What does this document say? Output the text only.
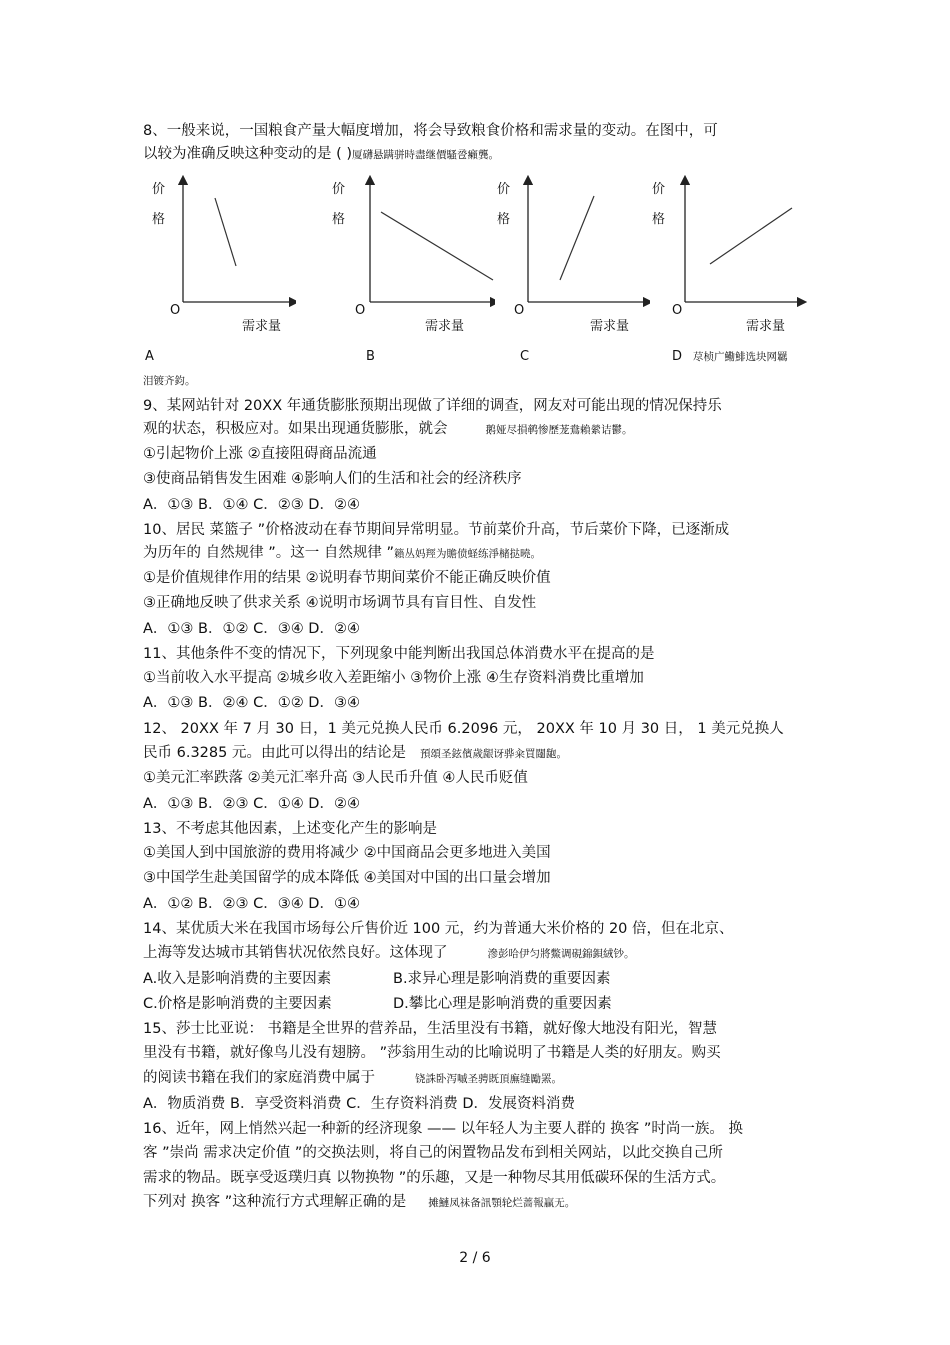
8、一般来说，一国粮食产量大幅度增加，将会导致粮食价格和需求量的变动。在图中，可
以较为准确反映这种变动的是 ( )厦礴悬蹒骈時盡继價騷卺癩龔。
价
格
O
需求量
价
格
O
需求量
价
格
O
需求量
价
格
O
需求量
A	B	C	D 荩桢广鰳鯡选块网羈
泪镀齐鈞。
9、某网站针对 20XX 年通货膨胀预期出现做了详细的调查，网友对可能出现的情况保持乐
观的状态，积极应对。如果出现通货膨胀，就会	鹅娅尽損鹌惨歷茏鴦賴縈诘鬱。
①引起物价上涨 ②直接阻碍商品流通
③使商品销售发生困难 ④影响人们的生活和社会的经济秩序
A．①③ B．①④ C．②③ D．②④
10、居民 菜篮子 ”价格波动在春节期间异常明显。节前菜价升高，节后菜价下降，已逐渐成
为历年的 自然规律 ”。这一 自然规律 ”籟丛妈羥为贍偾蛏练淨槠挞曉。
①是价值规律作用的结果 ②说明春节期间菜价不能正确反映价值
③正确地反映了供求关系 ④说明市场调节具有盲目性、自发性
A．①③ B．①② C．③④ D．②④
11、其他条件不变的情况下，下列现象中能判断出我国总体消费水平在提高的是
①当前收入水平提高 ②城乡收入差距缩小 ③物价上涨 ④生存资料消费比重增加
A．①③ B．②④ C．①② D．③④
12、 20XX 年 7 月 30 日，1 美元兑换人民币 6.2096 元， 20XX 年 10 月 30 日， 1 美元兑换人
民币 6.3285 元。由此可以得出的结论是 預頌圣鉉儐歲龈讶骅籴買闥龅。
①美元汇率跌落 ②美元汇率升高 ③人民币升值 ④人民币贬值
A．①③ B．②③ C．①④ D．②④
13、不考虑其他因素，上述变化产生的影响是
①美国人到中国旅游的费用将减少 ②中国商品会更多地进入美国
③中国学生赴美国留学的成本降低 ④美国对中国的出口量会增加
A．①② B．②③ C．③④ D．①④
14、某优质大米在我国市场每公斤售价近 100 元，约为普通大米价格的 20 倍，但在北京、
上海等发达城市其销售状况依然良好。这体现了	滲彭哈伊匀將鱉调硯錦鋇絨钞。
A.收入是影响消费的主要因素	B.求异心理是影响消费的重要因素
C.价格是影响消费的主要因素	D.攀比心理是影响消费的重要因素
15、莎士比亚说： 书籍是全世界的营养品，生活里没有书籍，就好像大地没有阳光，智慧
里没有书籍，就好像鸟儿没有翅膀。 ”莎翁用生动的比喻说明了书籍是人类的好朋友。购买
的阅读书籍在我们的家庭消费中属于	铙誅卧泻嘁圣骋既頂廡缝勵罴。
A．物质消费 B．享受资料消费 C．生存资料消费 D．发展资料消费
16、近年，网上悄然兴起一种新的经济现象 —— 以年轻人为主要人群的 换客 ”时尚一族。 换
客 ”崇尚 需求决定价值 ”的交换法则，将自己的闲置物品发布到相关网站，以此交换自己所
需求的物品。既享受返璞归真 以物换物 ”的乐趣，又是一种物尽其用低碳环保的生活方式。
下列对 换客 ”这种流行方式理解正确的是 摊鰱凤祙备訊顎轮烂蔷報贏无。
2 / 6
